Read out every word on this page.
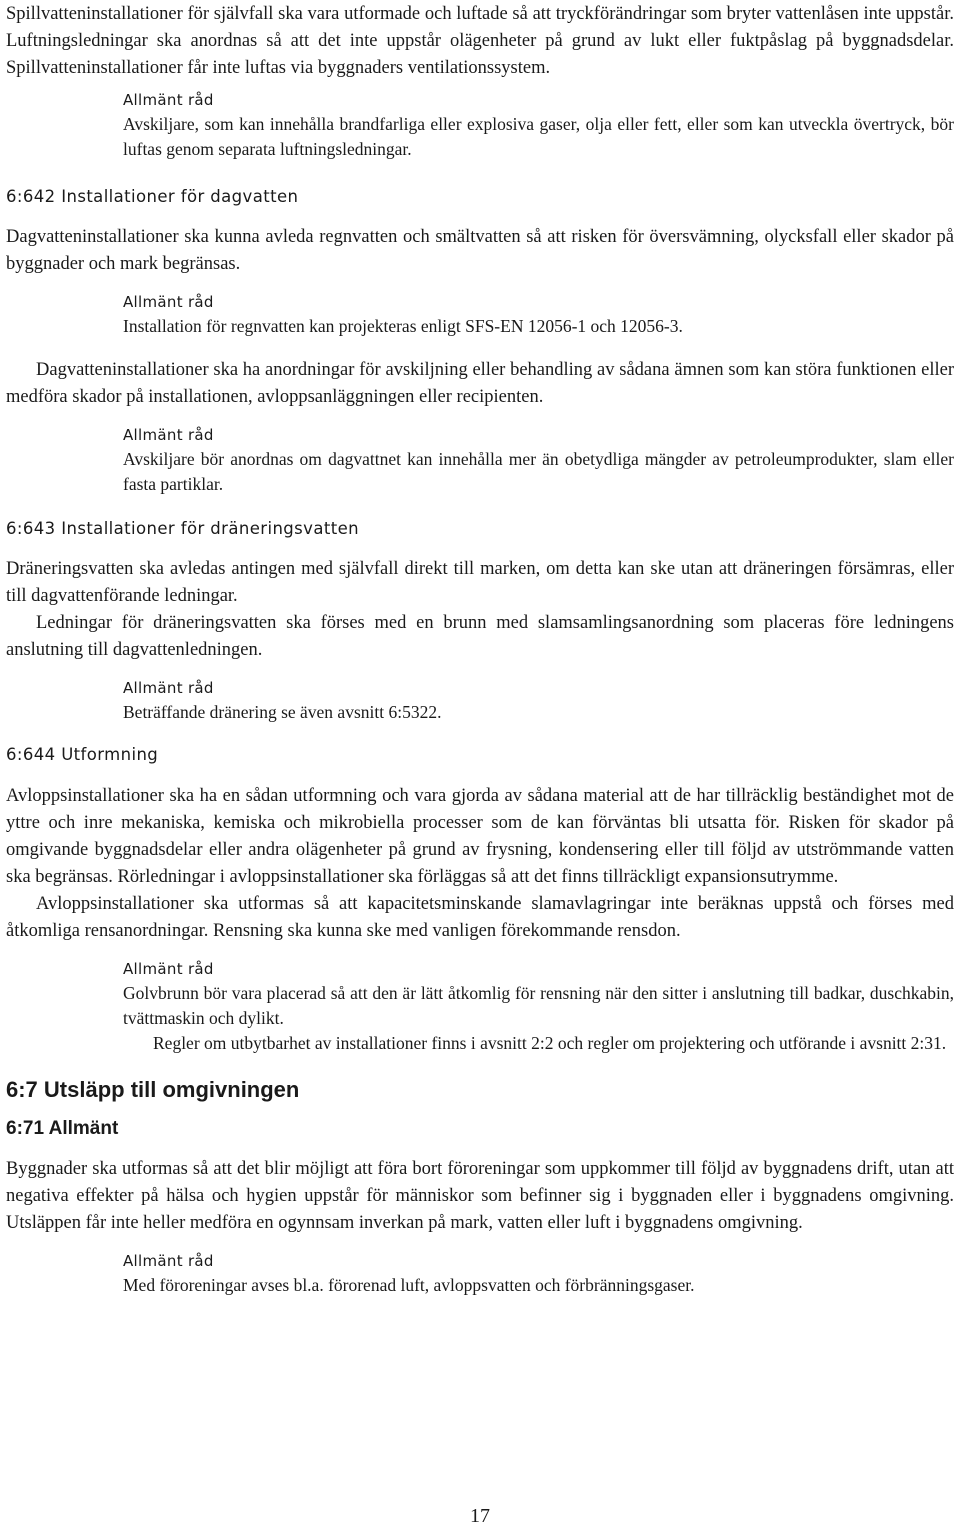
Spillvatteninstallationer för självfall ska vara utformade och luftade så att tryckförändringar som bryter vattenlåsen inte uppstår. Luftningsledningar ska anordnas så att det inte uppstår olägenheter på grund av lukt eller fuktpåslag på byggnadsdelar. Spillvatteninstallationer får inte luftas via byggnaders ventilationssystem.

Allmänt råd

Avskiljare, som kan innehålla brandfarliga eller explosiva gaser, olja eller fett, eller som kan utveckla övertryck, bör luftas genom separata luftningsledningar.

6:642 Installationer för dagvatten

Dagvatteninstallationer ska kunna avleda regnvatten och smältvatten så att risken för översvämning, olycksfall eller skador på byggnader och mark begränsas.

Allmänt råd

Installation för regnvatten kan projekteras enligt SFS-EN 12056-1 och 12056-3.

Dagvatteninstallationer ska ha anordningar för avskiljning eller behandling av sådana ämnen som kan störa funktionen eller medföra skador på installationen, avloppsanläggningen eller recipienten.

Allmänt råd

Avskiljare bör anordnas om dagvattnet kan innehålla mer än obetydliga mängder av petroleumprodukter, slam eller fasta partiklar.

6:643 Installationer för dräneringsvatten

Dräneringsvatten ska avledas antingen med självfall direkt till marken, om detta kan ske utan att dräneringen försämras, eller till dagvattenförande ledningar.

Ledningar för dräneringsvatten ska förses med en brunn med slamsamlingsanordning som placeras före ledningens anslutning till dagvattenledningen.

Allmänt råd

Beträffande dränering se även avsnitt 6:5322.

6:644 Utformning

Avloppsinstallationer ska ha en sådan utformning och vara gjorda av sådana material att de har tillräcklig beständighet mot de yttre och inre mekaniska, kemiska och mikrobiella processer som de kan förväntas bli utsatta för. Risken för skador på omgivande byggnadsdelar eller andra olägenheter på grund av frysning, kondensering eller till följd av utströmmande vatten ska begränsas. Rörledningar i avloppsinstallationer ska förläggas så att det finns tillräckligt expansionsutrymme.

Avloppsinstallationer ska utformas så att kapacitetsminskande slamavlagringar inte beräknas uppstå och förses med åtkomliga rensanordningar. Rensning ska kunna ske med vanligen förekommande rensdon.

Allmänt råd

Golvbrunn bör vara placerad så att den är lätt åtkomlig för rensning när den sitter i anslutning till badkar, duschkabin, tvättmaskin och dylikt.

Regler om utbytbarhet av installationer finns i avsnitt 2:2 och regler om projektering och utförande i avsnitt 2:31.

6:7 Utsläpp till omgivningen
6:71 Allmänt

Byggnader ska utformas så att det blir möjligt att föra bort föroreningar som uppkommer till följd av byggnadens drift, utan att negativa effekter på hälsa och hygien uppstår för människor som befinner sig i byggnaden eller i byggnadens omgivning. Utsläppen får inte heller medföra en ogynnsam inverkan på mark, vatten eller luft i byggnadens omgivning.

Allmänt råd

Med föroreningar avses bl.a. förorenad luft, avloppsvatten och förbränningsgaser.

17
